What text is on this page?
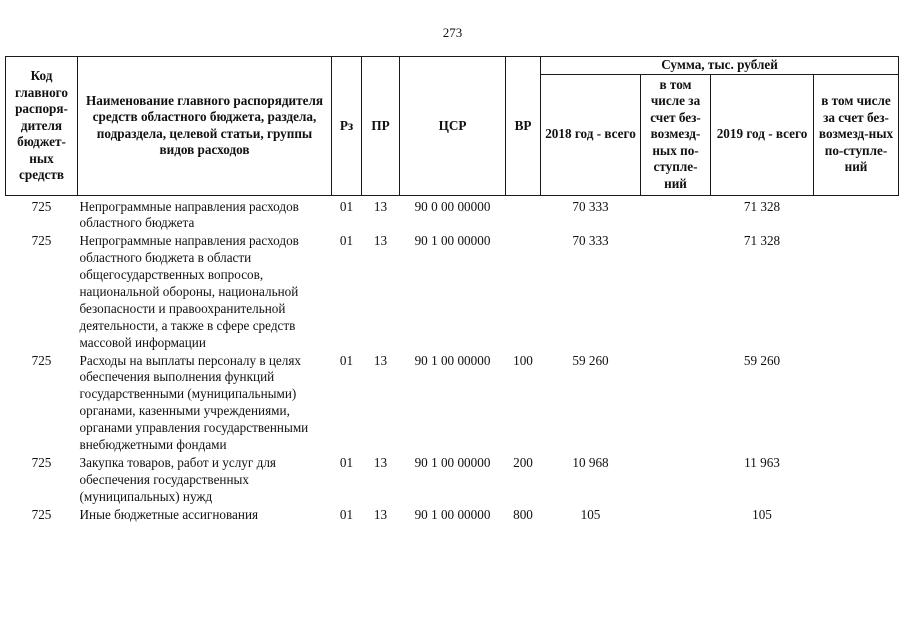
273
Код главного распоря-дителя бюджет-ных средств	Наименование главного распорядителя средств областного бюджета, раздела, подраздела, целевой статьи, группы видов расходов	Рз	ПР	ЦСР	ВР	Сумма, тыс. рублей			
						2018 год - всего	в том числе за счет без-возмезд-ных по-ступле-ний	2019 год - всего	в том числе за счет без-возмезд-ных по-ступле-ний
725	Непрограммные направления расходов областного бюджета	01	13	90 0 00 00000		70 333		71 328	
725	Непрограммные направления расходов областного бюджета в области общегосударственных вопросов, национальной обороны, национальной безопасности и правоохранительной деятельности, а также в сфере средств массовой информации	01	13	90 1 00 00000		70 333		71 328	
725	Расходы на выплаты персоналу в целях обеспечения выполнения функций государственными (муниципальными) органами, казенными учреждениями, органами управления государственными внебюджетными фондами	01	13	90 1 00 00000	100	59 260		59 260	
725	Закупка товаров, работ и услуг для обеспечения государственных (муниципальных) нужд	01	13	90 1 00 00000	200	10 968		11 963	
725	Иные бюджетные ассигнования	01	13	90 1 00 00000	800	105		105	
